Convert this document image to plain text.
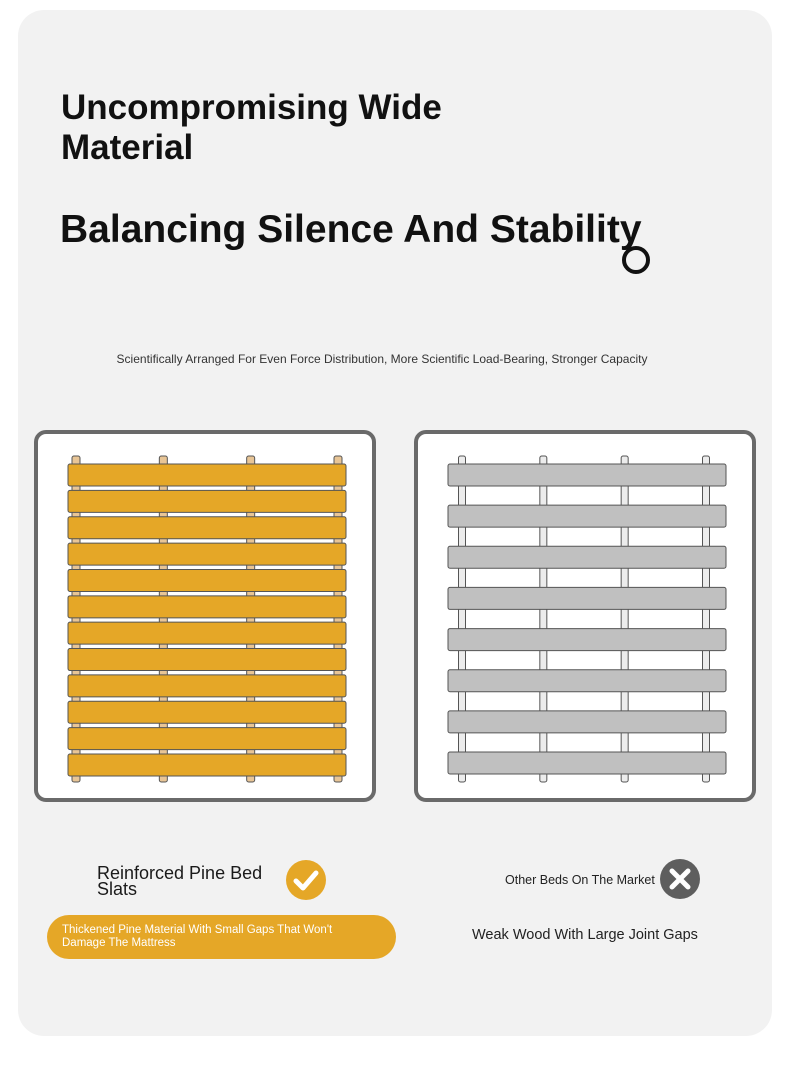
Uncompromising Wide Material
Balancing Silence And Stability
Scientifically Arranged For Even Force Distribution, More Scientific Load-Bearing, Stronger Capacity

Reinforced Pine Bed Slats

Thickened Pine Material With Small Gaps That Won't Damage The Mattress

Other Beds On The Market

Weak Wood With Large Joint Gaps
